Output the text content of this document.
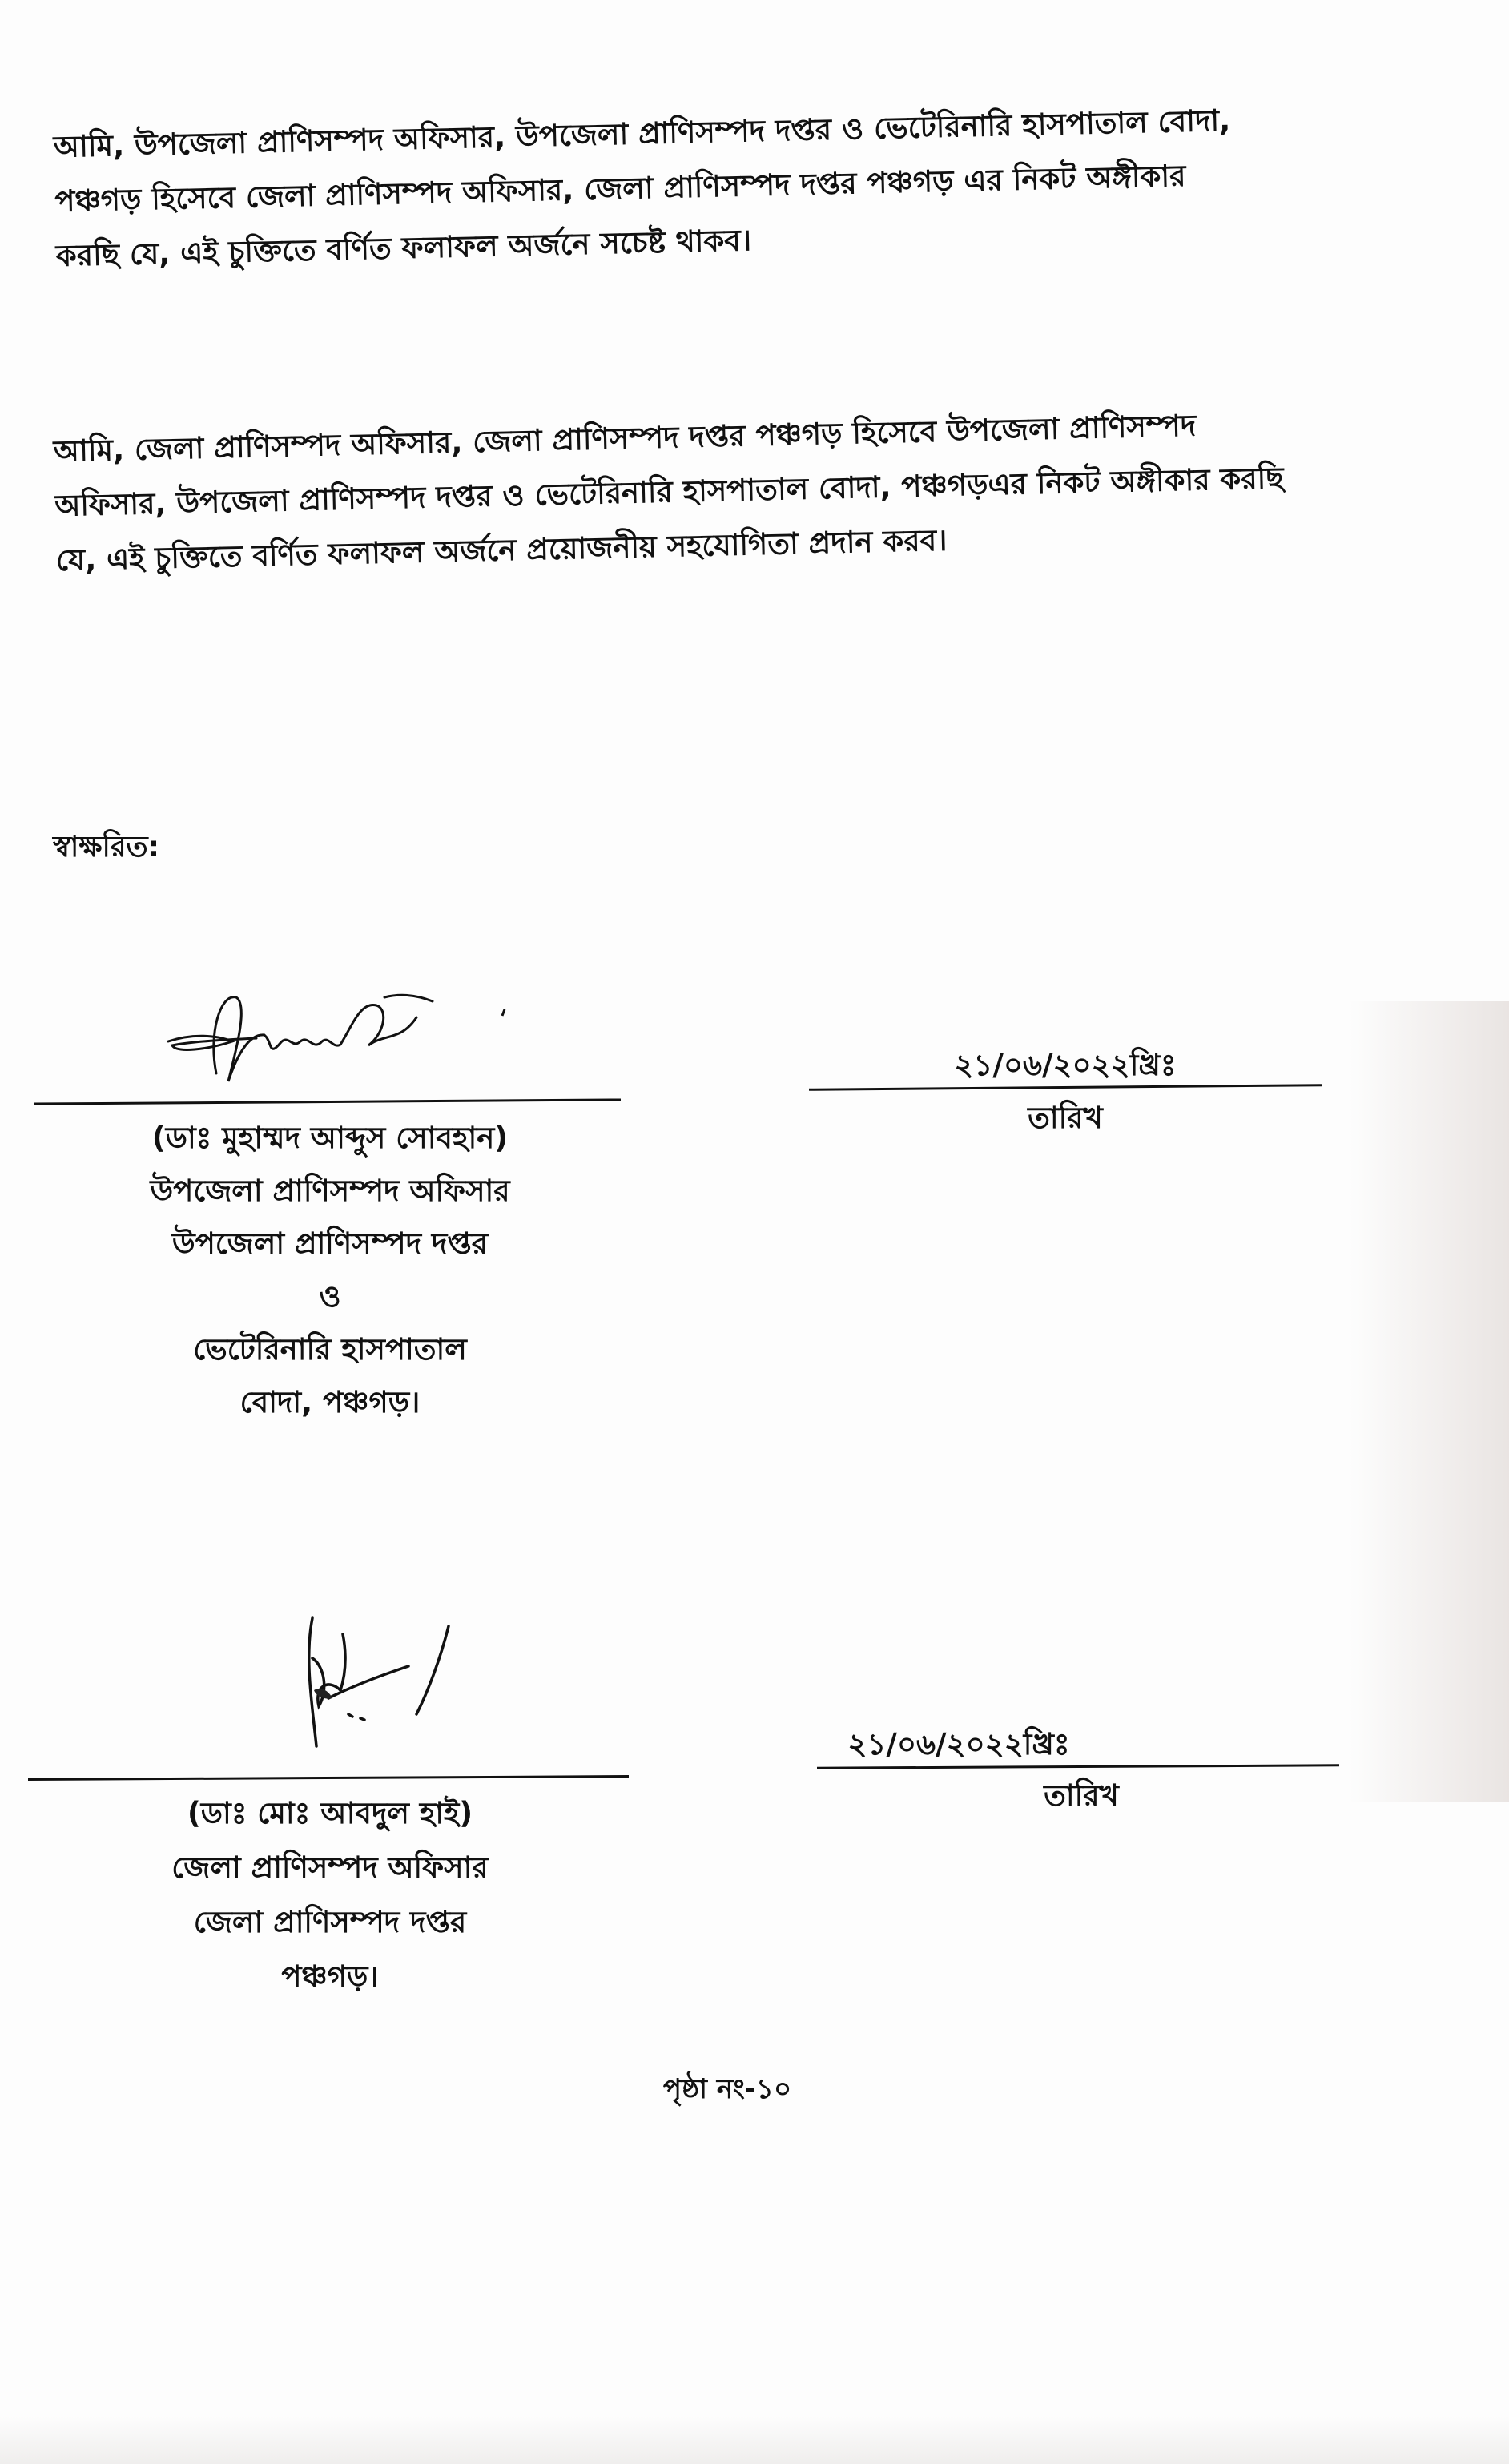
আমি, উপজেলা প্রাণিসম্পদ অফিসার, উপজেলা প্রাণিসম্পদ দপ্তর ও ভেটেরিনারি হাসপাতাল বোদা,
পঞ্চগড় হিসেবে জেলা প্রাণিসম্পদ অফিসার, জেলা প্রাণিসম্পদ দপ্তর পঞ্চগড় এর নিকট অঙ্গীকার
করছি যে, এই চুক্তিতে বর্ণিত ফলাফল অর্জনে সচেষ্ট থাকব।
আমি, জেলা প্রাণিসম্পদ অফিসার, জেলা প্রাণিসম্পদ দপ্তর পঞ্চগড় হিসেবে উপজেলা প্রাণিসম্পদ
অফিসার, উপজেলা প্রাণিসম্পদ দপ্তর ও ভেটেরিনারি হাসপাতাল বোদা, পঞ্চগড়এর নিকট অঙ্গীকার করছি
যে, এই চুক্তিতে বর্ণিত ফলাফল অর্জনে প্রয়োজনীয় সহযোগিতা প্রদান করব।
স্বাক্ষরিত:
(ডাঃ মুহাম্মদ আব্দুস সোবহান)
উপজেলা প্রাণিসম্পদ অফিসার
উপজেলা প্রাণিসম্পদ দপ্তর
ও
ভেটেরিনারি হাসপাতাল
বোদা, পঞ্চগড়।
২১/০৬/২০২২খ্রিঃ
তারিখ
(ডাঃ মোঃ আবদুল হাই)
জেলা প্রাণিসম্পদ অফিসার
জেলা প্রাণিসম্পদ দপ্তর
পঞ্চগড়।
২১/০৬/২০২২খ্রিঃ
তারিখ
পৃষ্ঠা নং-১০
